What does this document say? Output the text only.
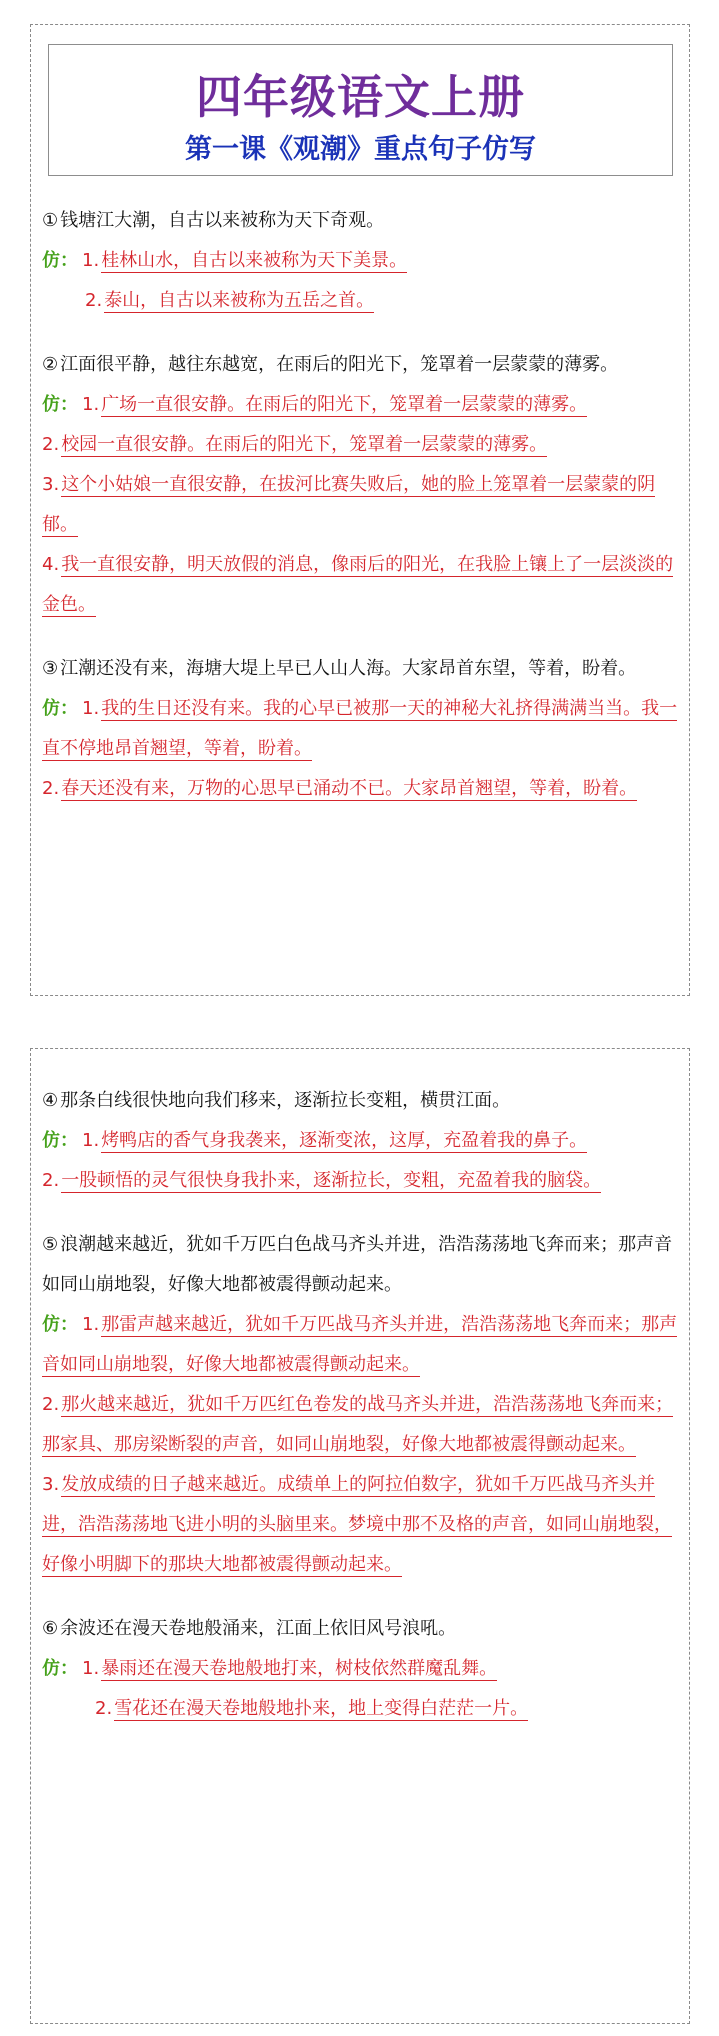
四年级语文上册
第一课《观潮》重点句子仿写

① 钱塘江大潮，自古以来被称为天下奇观。

仿： 1. 桂林山水，自古以来被称为天下美景。

2. 泰山，自古以来被称为五岳之首。

② 江面很平静，越往东越宽，在雨后的阳光下，笼罩着一层蒙蒙的薄雾。

仿： 1. 广场一直很安静。在雨后的阳光下，笼罩着一层蒙蒙的薄雾。

2. 校园一直很安静。在雨后的阳光下，笼罩着一层蒙蒙的薄雾。

3. 这个小姑娘一直很安静，在拔河比赛失败后，她的脸上笼罩着一层蒙蒙的阴郁。

4. 我一直很安静，明天放假的消息，像雨后的阳光，在我脸上镶上了一层淡淡的金色。

③ 江潮还没有来，海塘大堤上早已人山人海。大家昂首东望，等着，盼着。

仿： 1. 我的生日还没有来。我的心早已被那一天的神秘大礼挤得满满当当。我一直不停地昂首翘望，等着，盼着。

2. 春天还没有来，万物的心思早已涌动不已。大家昂首翘望，等着，盼着。

④ 那条白线很快地向我们移来，逐渐拉长变粗，横贯江面。

仿： 1. 烤鸭店的香气身我袭来，逐渐变浓，这厚，充盈着我的鼻子。

2. 一股顿悟的灵气很快身我扑来，逐渐拉长，变粗，充盈着我的脑袋。

⑤ 浪潮越来越近，犹如千万匹白色战马齐头并进，浩浩荡荡地飞奔而来；那声音如同山崩地裂，好像大地都被震得颤动起来。

仿： 1. 那雷声越来越近，犹如千万匹战马齐头并进，浩浩荡荡地飞奔而来；那声音如同山崩地裂，好像大地都被震得颤动起来。

2. 那火越来越近，犹如千万匹红色卷发的战马齐头并进，浩浩荡荡地飞奔而来；那家具、那房梁断裂的声音，如同山崩地裂，好像大地都被震得颤动起来。

3. 发放成绩的日子越来越近。成绩单上的阿拉伯数字，犹如千万匹战马齐头并进，浩浩荡荡地飞进小明的头脑里来。梦境中那不及格的声音，如同山崩地裂，好像小明脚下的那块大地都被震得颤动起来。

⑥ 余波还在漫天卷地般涌来，江面上依旧风号浪吼。

仿： 1. 暴雨还在漫天卷地般地打来，树枝依然群魔乱舞。

2. 雪花还在漫天卷地般地扑来，地上变得白茫茫一片。
